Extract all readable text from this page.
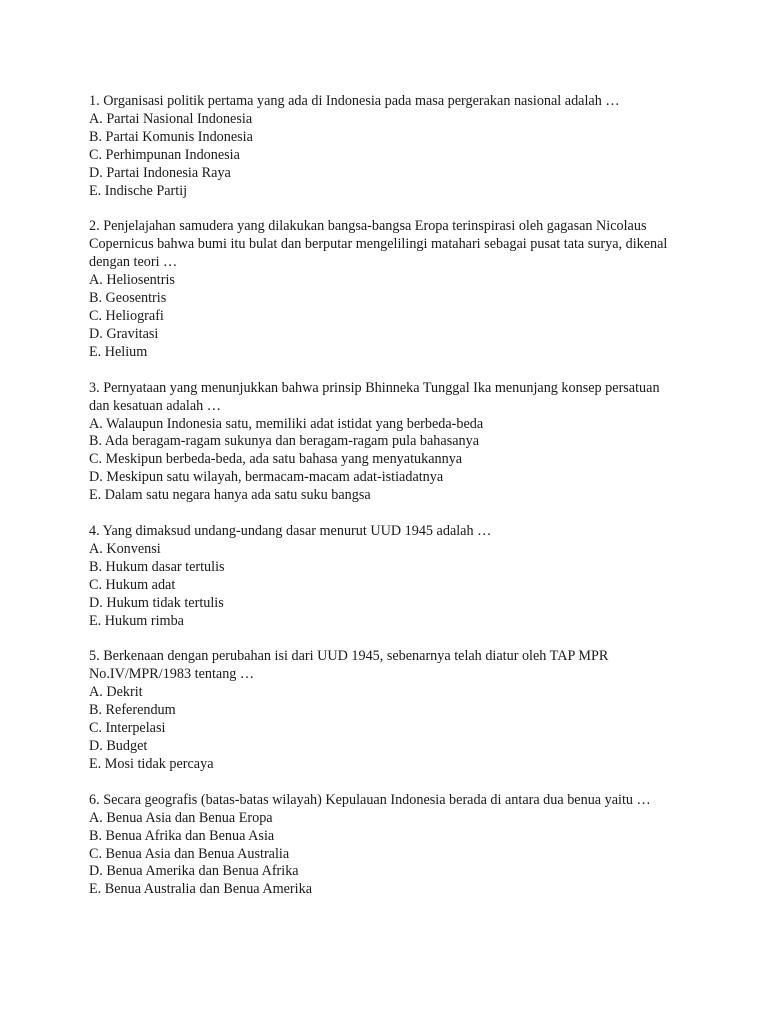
1. Organisasi politik pertama yang ada di Indonesia pada masa pergerakan nasional adalah …

A. Partai Nasional Indonesia
B. Partai Komunis Indonesia
C. Perhimpunan Indonesia
D. Partai Indonesia Raya
E. Indische Partij

2. Penjelajahan samudera yang dilakukan bangsa-bangsa Eropa terinspirasi oleh gagasan Nicolaus Copernicus bahwa bumi itu bulat dan berputar mengelilingi matahari sebagai pusat tata surya, dikenal dengan teori …

A. Heliosentris
B. Geosentris
C. Heliografi
D. Gravitasi
E. Helium

3. Pernyataan yang menunjukkan bahwa prinsip Bhinneka Tunggal Ika menunjang konsep persatuan dan kesatuan adalah …

A. Walaupun Indonesia satu, memiliki adat istidat yang berbeda-beda
B. Ada beragam-ragam sukunya dan beragam-ragam pula bahasanya
C. Meskipun berbeda-beda, ada satu bahasa yang menyatukannya
D. Meskipun satu wilayah, bermacam-macam adat-istiadatnya
E. Dalam satu negara hanya ada satu suku bangsa

4. Yang dimaksud undang-undang dasar menurut UUD 1945 adalah …

A. Konvensi
B. Hukum dasar tertulis
C. Hukum adat
D. Hukum tidak tertulis
E. Hukum rimba

5. Berkenaan dengan perubahan isi dari UUD 1945, sebenarnya telah diatur oleh TAP MPR No.IV/MPR/1983 tentang …

A. Dekrit
B. Referendum
C. Interpelasi
D. Budget
E. Mosi tidak percaya

6. Secara geografis (batas-batas wilayah) Kepulauan Indonesia berada di antara dua benua yaitu …

A. Benua Asia dan Benua Eropa
B. Benua Afrika dan Benua Asia
C. Benua Asia dan Benua Australia
D. Benua Amerika dan Benua Afrika
E. Benua Australia dan Benua Amerika
